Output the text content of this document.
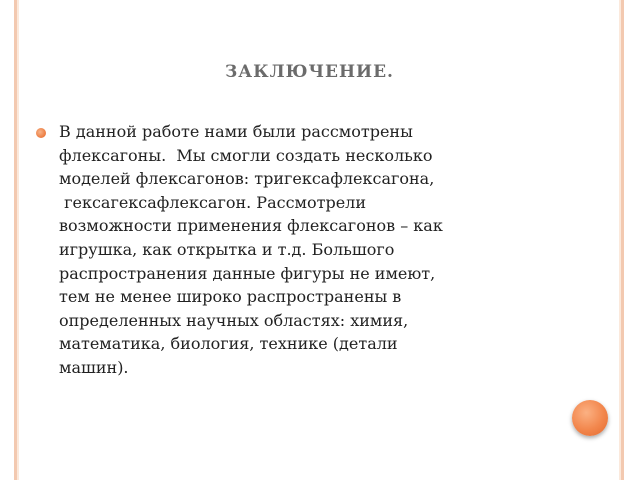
ЗАКЛЮЧЕНИЕ.
В данной работе нами были рассмотрены
флексагоны.  Мы смогли создать несколько
моделей флексагонов: тригексафлексагона,
гексагексафлексагон. Рассмотрели
возможности применения флексагонов – как
игрушка, как открытка и т.д. Большого
распространения данные фигуры не имеют,
тем не менее широко распространены в
определенных научных областях: химия,
математика, биология, технике (детали
машин).
